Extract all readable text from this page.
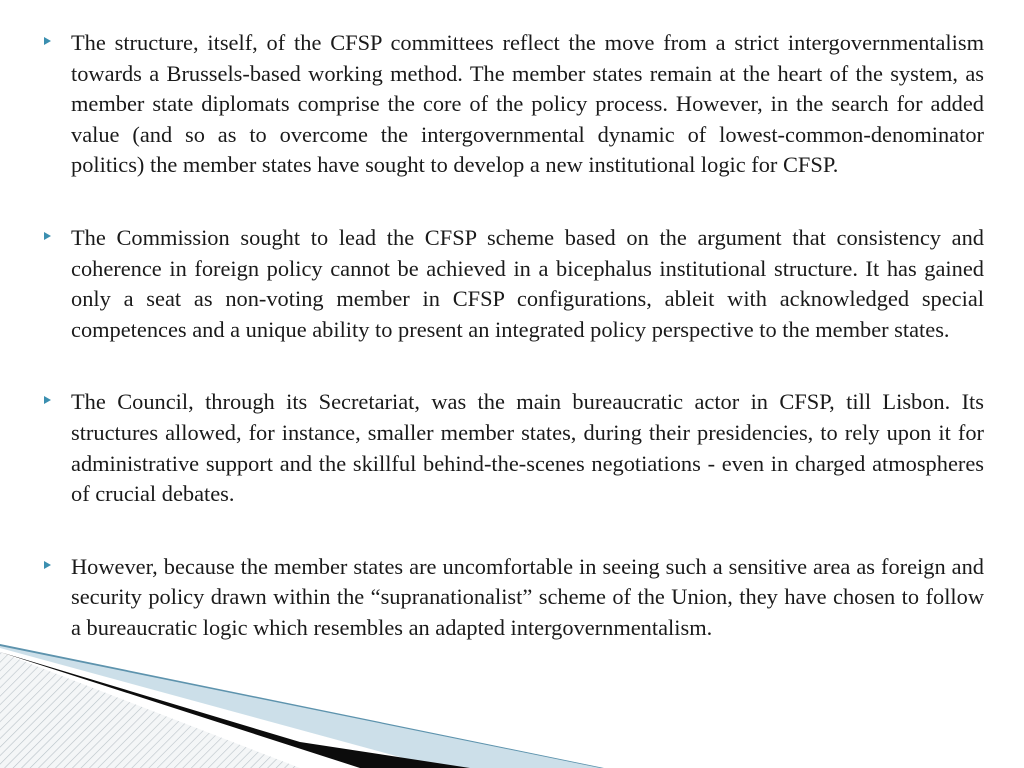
The structure, itself, of the CFSP committees reflect the move from a strict intergovernmentalism towards a Brussels-based working method. The member states remain at the heart of the system, as  member state diplomats comprise the core of the policy process. However, in the search for added value (and so as to overcome the intergovernmental dynamic of lowest-common-denominator politics) the member states have sought to develop a new institutional logic for CFSP.
The Commission sought to lead the CFSP scheme based on the argument that consistency and coherence in foreign policy cannot be achieved in a bicephalus institutional structure. It has gained only a seat as non-voting member in CFSP configurations, ableit with acknowledged special competences and a unique ability to present an integrated policy perspective to the member states.
The Council, through its Secretariat, was the main bureaucratic actor in CFSP, till Lisbon. Its structures allowed, for instance, smaller member states, during their presidencies, to rely upon it for administrative support and the skillful behind-the-scenes negotiations - even in charged atmospheres of crucial debates.
However, because the member states are uncomfortable in seeing such a sensitive area as foreign and security policy drawn within the “supranationalist” scheme of the Union, they have chosen to follow a bureaucratic logic which resembles an adapted intergovernmentalism.
